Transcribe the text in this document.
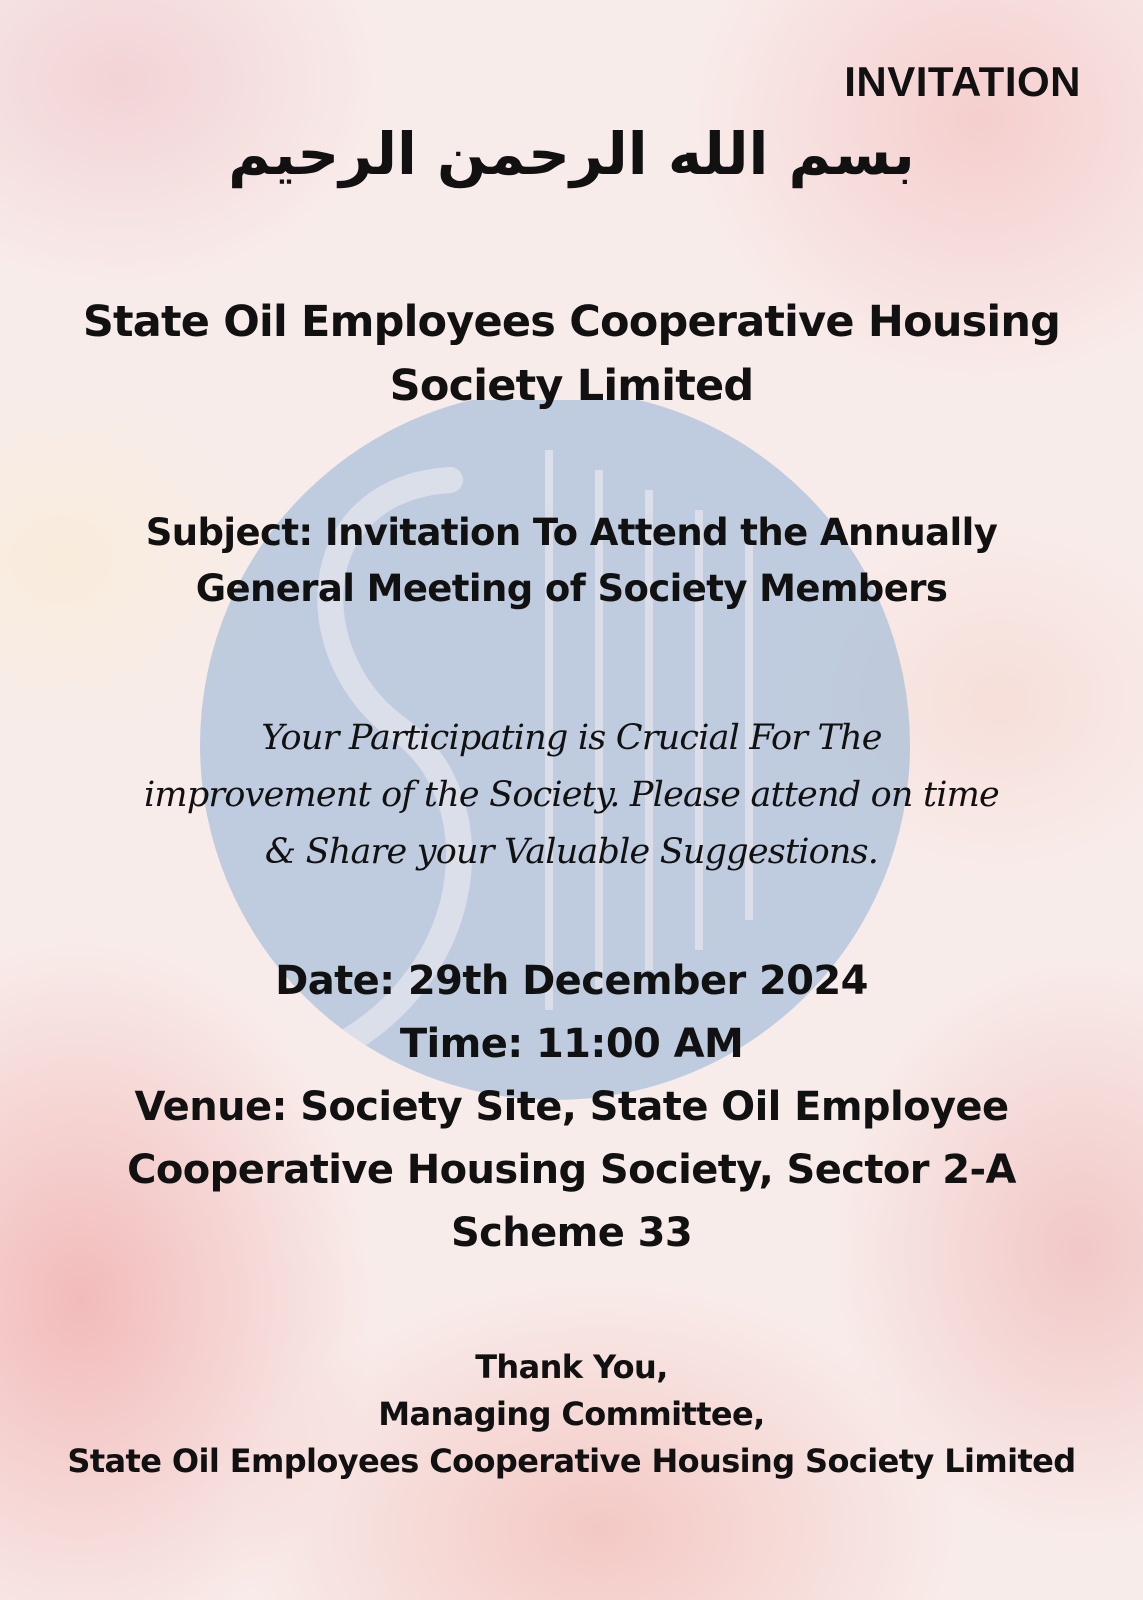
INVITATION
بسم الله الرحمن الرحيم
State Oil Employees Cooperative Housing
Society Limited
Subject: Invitation To Attend the Annually
General Meeting of Society Members
Your Participating is Crucial For The
improvement of the Society. Please attend on time
& Share your Valuable Suggestions.
Date: 29th December 2024
Time: 11:00 AM
Venue: Society Site, State Oil Employee
Cooperative Housing Society, Sector 2-A
Scheme 33
Thank You,
Managing Committee,
State Oil Employees Cooperative Housing Society Limited
